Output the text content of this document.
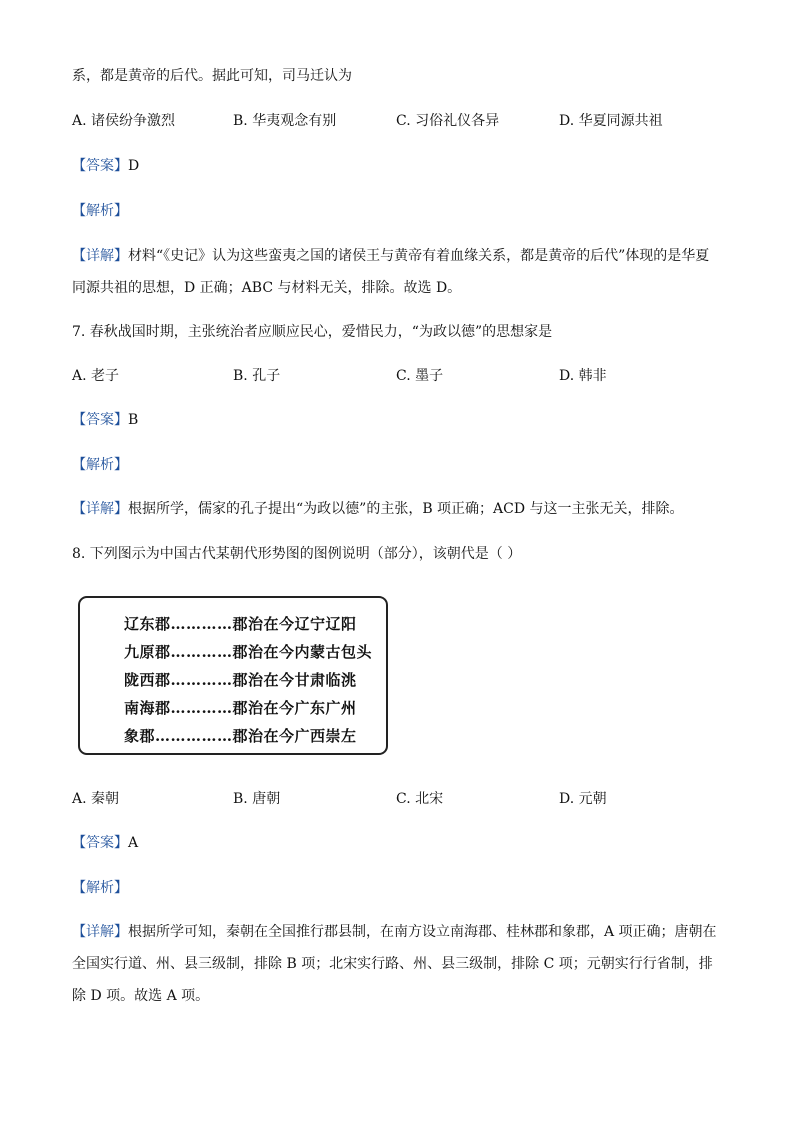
系，都是黄帝的后代。据此可知，司马迁认为
A. 诸侯纷争激烈	B. 华夷观念有别	C. 习俗礼仪各异	D. 华夏同源共祖
【答案】D
【解析】
【详解】材料“《史记》认为这些蛮夷之国的诸侯王与黄帝有着血缘关系，都是黄帝的后代”体现的是华夏
同源共祖的思想，D 正确；ABC 与材料无关，排除。故选 D。
7. 春秋战国时期，主张统治者应顺应民心，爱惜民力，“为政以德”的思想家是
A. 老子	B. 孔子	C. 墨子	D. 韩非
【答案】B
【解析】
【详解】根据所学，儒家的孔子提出“为政以德”的主张，B 项正确；ACD 与这一主张无关，排除。
8. 下列图示为中国古代某朝代形势图的图例说明（部分），该朝代是（ ）
辽东郡…………郡治在今辽宁辽阳
九原郡…………郡治在今内蒙古包头
陇西郡…………郡治在今甘肃临洮
南海郡…………郡治在今广东广州
象郡……………郡治在今广西崇左
A. 秦朝	B. 唐朝	C. 北宋	D. 元朝
【答案】A
【解析】
【详解】根据所学可知，秦朝在全国推行郡县制，在南方设立南海郡、桂林郡和象郡，A 项正确；唐朝在全国实行道、州、县三级制，排除 B 项；北宋实行路、州、县三级制，排除 C 项；元朝实行行省制，排除 D 项。故选 A 项。
